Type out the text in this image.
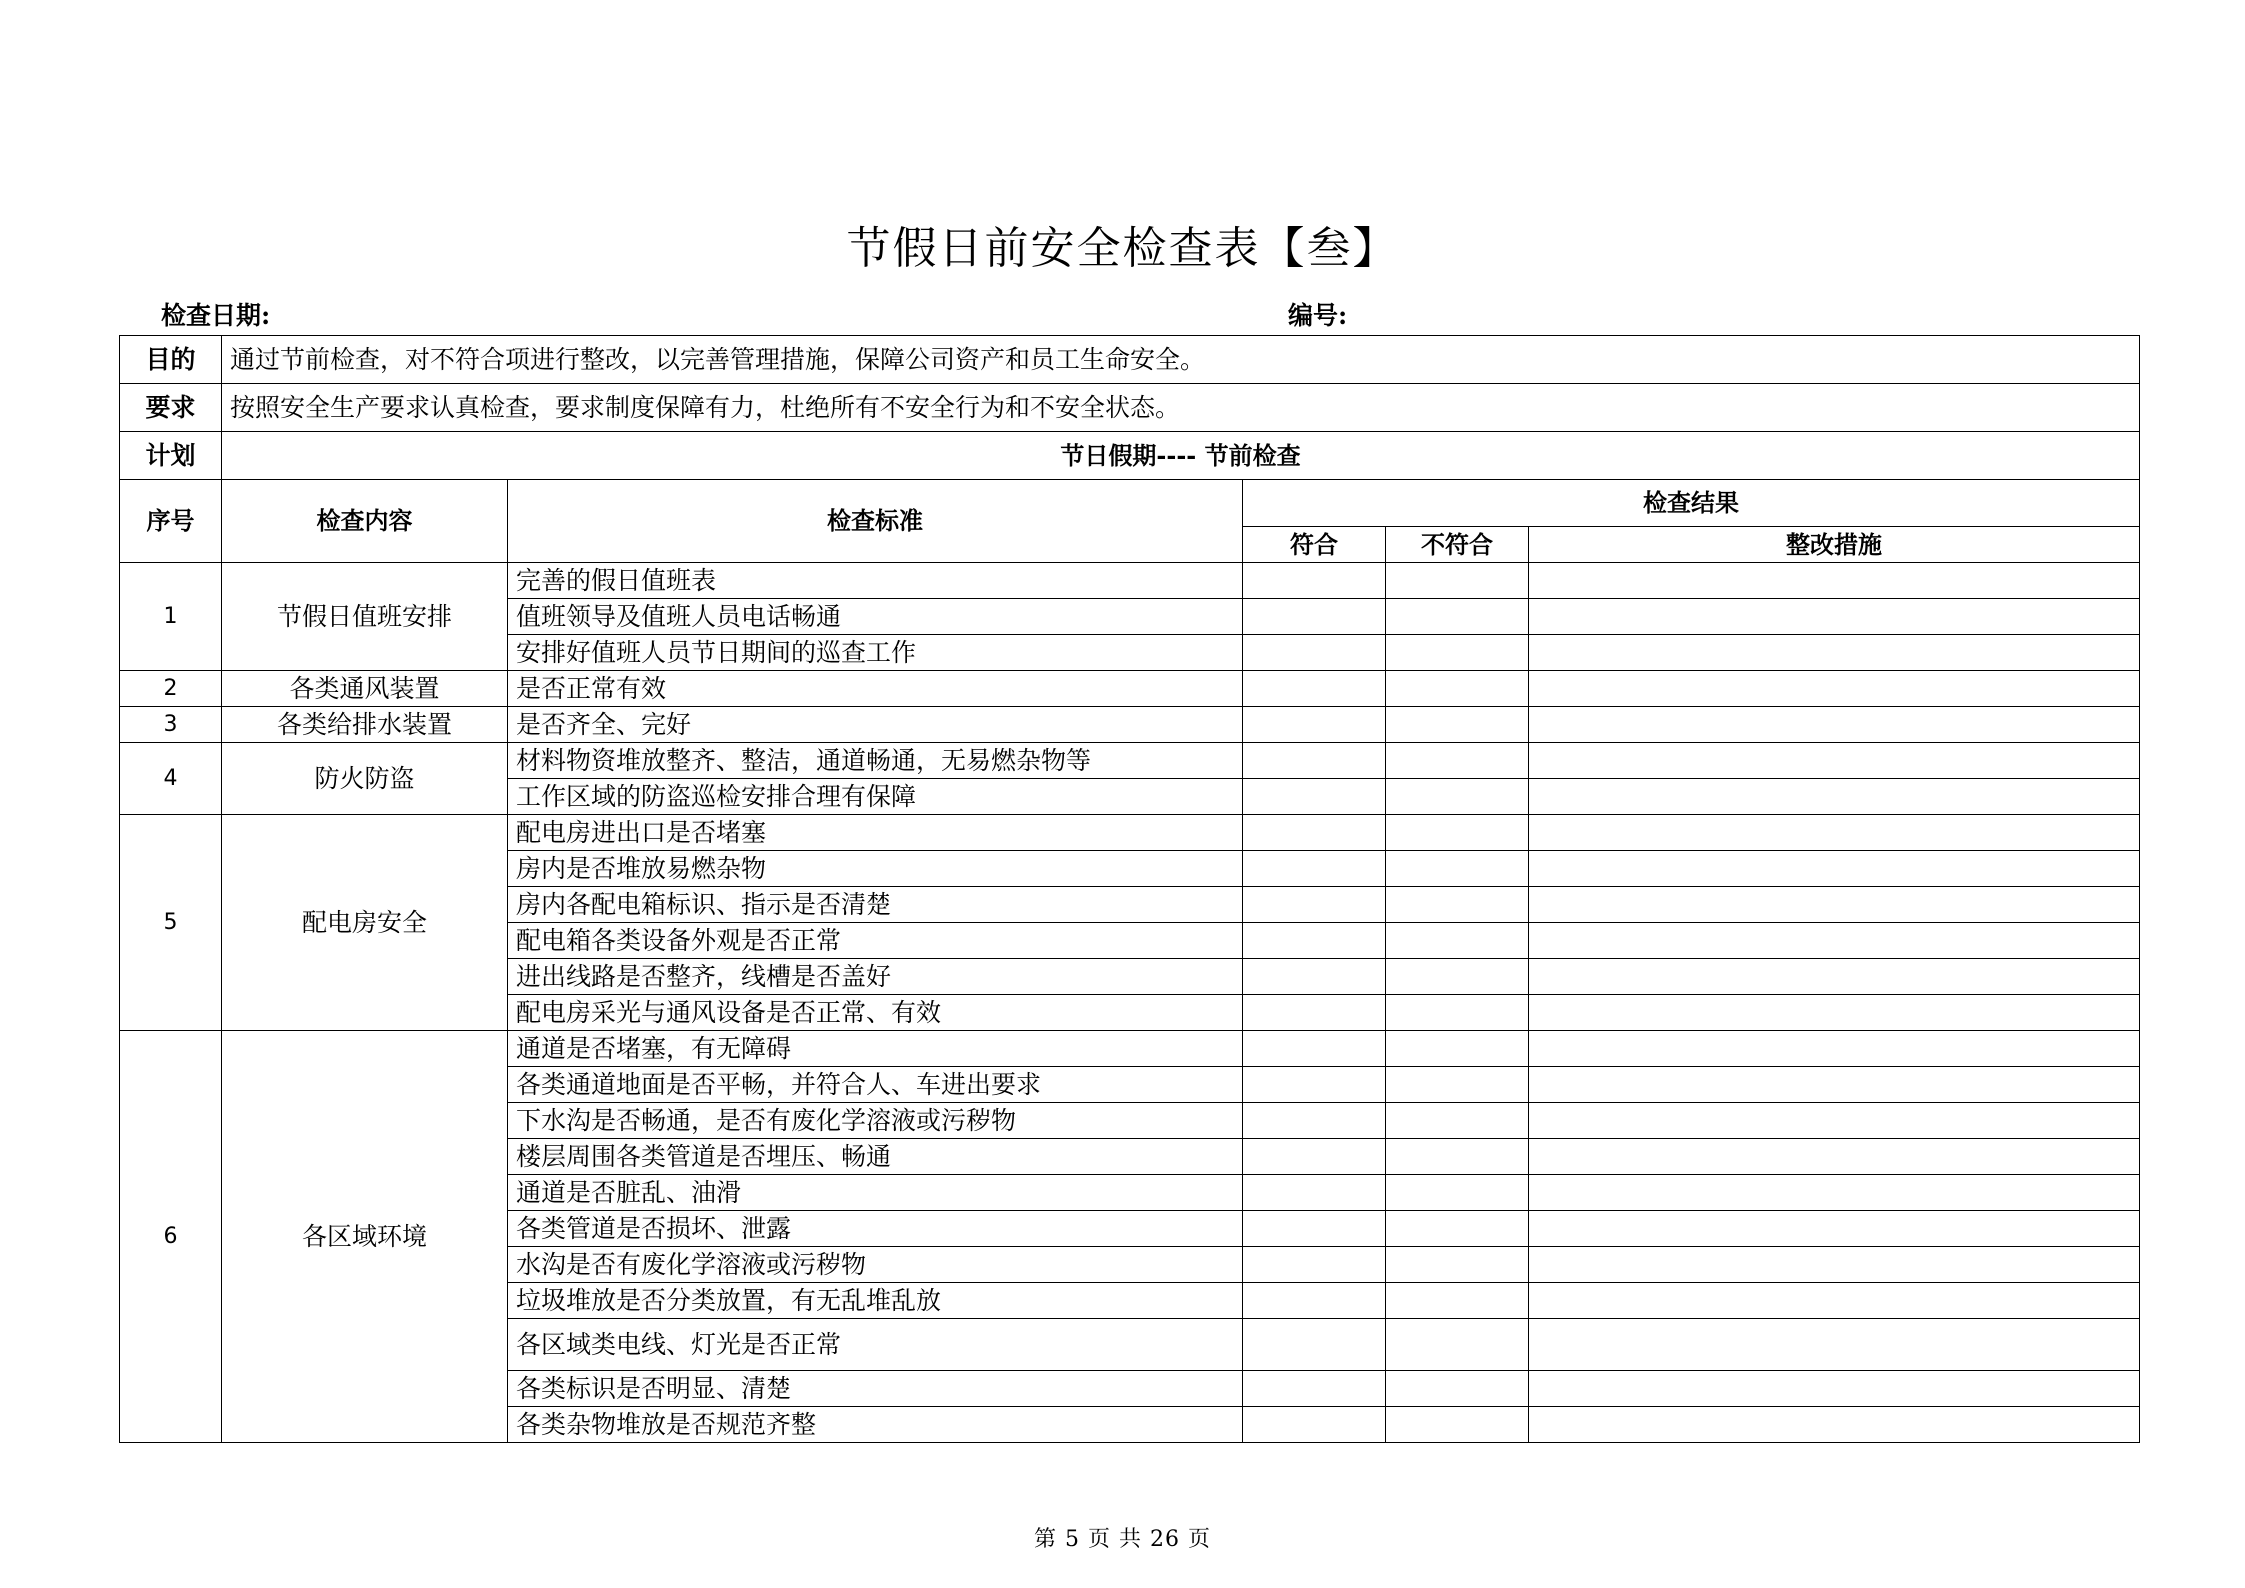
节假日前安全检查表【叁】
检查日期:	编号:
目的	通过节前检查，对不符合项进行整改，以完善管理措施，保障公司资产和员工生命安全。				
要求	按照安全生产要求认真检查，要求制度保障有力，杜绝所有不安全行为和不安全状态。				
计划	节日假期---- 节前检查				
序号	检查内容	检查标准	检查结果		
			符合	不符合	整改措施
1	节假日值班安排	完善的假日值班表			
		值班领导及值班人员电话畅通			
		安排好值班人员节日期间的巡查工作			
2	各类通风装置	是否正常有效			
3	各类给排水装置	是否齐全、完好			
4	防火防盗	材料物资堆放整齐、整洁，通道畅通，无易燃杂物等			
		工作区域的防盗巡检安排合理有保障			
5	配电房安全	配电房进出口是否堵塞			
		房内是否堆放易燃杂物			
		房内各配电箱标识、指示是否清楚			
		配电箱各类设备外观是否正常			
		进出线路是否整齐，线槽是否盖好			
		配电房采光与通风设备是否正常、有效			
6	各区域环境	通道是否堵塞，有无障碍			
		各类通道地面是否平畅，并符合人、车进出要求			
		下水沟是否畅通，是否有废化学溶液或污秽物			
		楼层周围各类管道是否埋压、畅通			
		通道是否脏乱、油滑			
		各类管道是否损坏、泄露			
		水沟是否有废化学溶液或污秽物			
		垃圾堆放是否分类放置，有无乱堆乱放			
		各区域类电线、灯光是否正常			
		各类标识是否明显、清楚			
		各类杂物堆放是否规范齐整			
第 5 页 共 26 页
